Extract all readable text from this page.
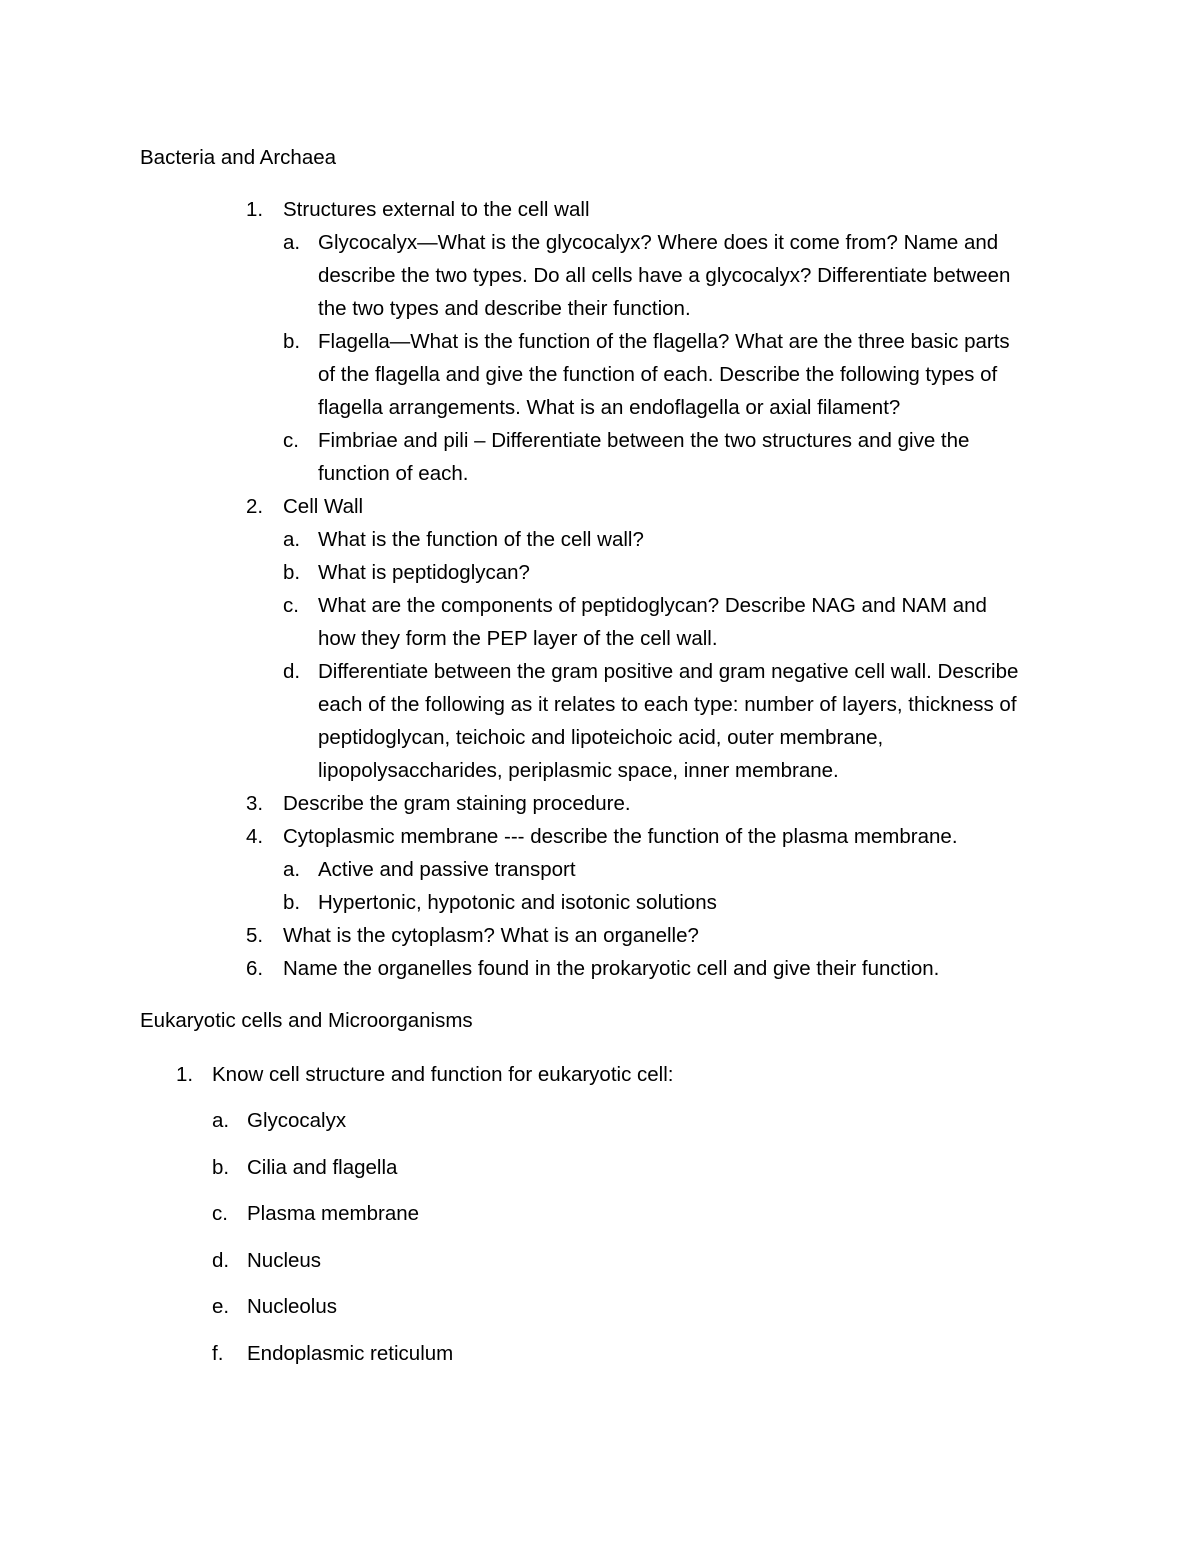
Bacteria and Archaea
1. Structures external to the cell wall
a. Glycocalyx—What is the glycocalyx? Where does it come from? Name and
describe the two types. Do all cells have a glycocalyx? Differentiate between
the two types and describe their function.
b. Flagella—What is the function of the flagella? What are the three basic parts
of the flagella and give the function of each. Describe the following types of
flagella arrangements. What is an endoflagella or axial filament?
c. Fimbriae and pili – Differentiate between the two structures and give the
function of each.
2. Cell Wall
a. What is the function of the cell wall?
b. What is peptidoglycan?
c. What are the components of peptidoglycan? Describe NAG and NAM and
how they form the PEP layer of the cell wall.
d. Differentiate between the gram positive and gram negative cell wall. Describe
each of the following as it relates to each type: number of layers, thickness of
peptidoglycan, teichoic and lipoteichoic acid, outer membrane,
lipopolysaccharides, periplasmic space, inner membrane.
3. Describe the gram staining procedure.
4. Cytoplasmic membrane --- describe the function of the plasma membrane.
a. Active and passive transport
b. Hypertonic, hypotonic and isotonic solutions
5. What is the cytoplasm? What is an organelle?
6. Name the organelles found in the prokaryotic cell and give their function.
Eukaryotic cells and Microorganisms
1. Know cell structure and function for eukaryotic cell:
a. Glycocalyx
b. Cilia and flagella
c. Plasma membrane
d. Nucleus
e. Nucleolus
f. Endoplasmic reticulum
